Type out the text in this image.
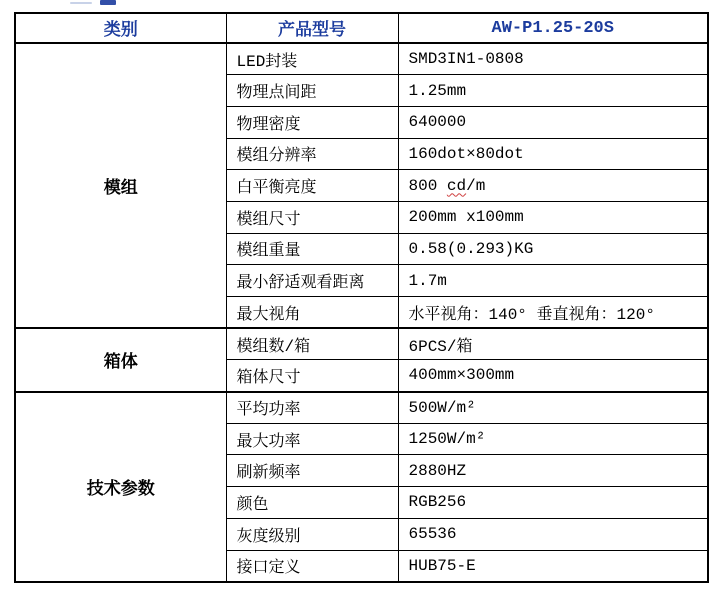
类别	产品型号	AW-P1.25-20S
模组	LED封装	SMD3IN1-0808
	物理点间距	1.25mm
	物理密度	640000
	模组分辨率	160dot×80dot
	白平衡亮度	800 cd/m
	模组尺寸	200mm x100mm
	模组重量	0.58(0.293)KG
	最小舒适观看距离	1.7m
	最大视角	水平视角：140° 垂直视角：120°
箱体	模组数/箱	6PCS/箱
	箱体尺寸	400mm×300mm
技术参数	平均功率	500W/m²
	最大功率	1250W/m²
	刷新频率	2880HZ
	颜色	RGB256
	灰度级别	65536
	接口定义	HUB75-E
